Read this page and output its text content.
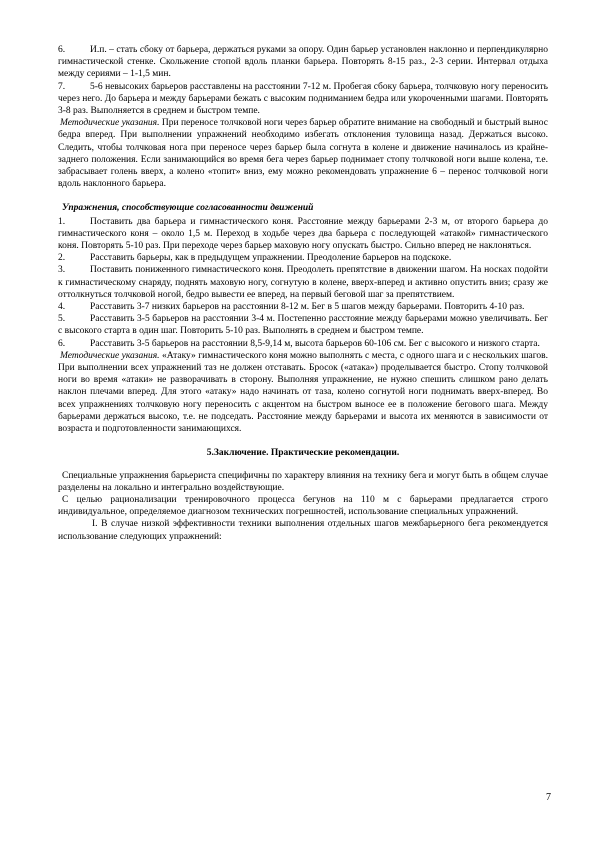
6.	И.п. – стать сбоку от барьера, держаться руками за опору. Один барьер установлен наклонно и перпендикулярно гимнастической стенке. Скольжение стопой вдоль планки барьера. Повторять 8-15 раз., 2-3 серии. Интервал отдыха между сериями – 1-1,5 мин.

7.	5-6 невысоких барьеров расставлены на расстоянии 7-12 м. Пробегая сбоку барьера, толчковую ногу переносить через него. До барьера и между барьерами бежать с высоким подниманием бедра или укороченными шагами. Повторять 3-8 раз. Выполняется в среднем и быстром темпе.

Методические указания. При переносе толчковой ноги через барьер обратите внимание на свободный и быстрый вынос бедра вперед. При выполнении упражнений необходимо избегать отклонения туловища назад. Держаться высоко. Следить, чтобы толчковая нога при переносе через барьер была согнута в колене и движение начиналось из крайне-заднего положения. Если занимающийся во время бега через барьер поднимает стопу толчковой ноги выше колена, т.е. забрасывает голень вверх, а колено «топит» вниз, ему можно рекомендовать упражнение 6 – перенос толчковой ноги вдоль наклонного барьера.

Упражнения, способствующие согласованности движений

1.	Поставить два барьера и гимнастического коня. Расстояние между барьерами 2-3 м, от второго барьера до гимнастического коня – около 1,5 м. Переход в ходьбе через два барьера с последующей «атакой» гимнастического коня. Повторять 5-10 раз. При переходе через барьер маховую ногу опускать быстро. Сильно вперед не наклоняться.

2.	Расставить барьеры, как в предыдущем упражнении. Преодоление барьеров на подскоке.

3.	Поставить пониженного гимнастического коня. Преодолеть препятствие в движении шагом. На носках подойти к гимнастическому снаряду, поднять маховую ногу, согнутую в колене, вверх-вперед и активно опустить вниз; сразу же оттолкнуться толчковой ногой, бедро вывести ее вперед, на первый беговой шаг за препятствием.

4.	Расставить 3-7 низких барьеров на расстоянии 8-12 м. Бег в 5 шагов между барьерами. Повторить 4-10 раз.

5.	Расставить 3-5 барьеров на расстоянии 3-4 м. Постепенно расстояние между барьерами можно увеличивать. Бег с высокого старта в один шаг. Повторить 5-10 раз. Выполнять в среднем и быстром темпе.

6.	Расставить 3-5 барьеров на расстоянии 8,5-9,14 м, высота барьеров 60-106 см. Бег с высокого и низкого старта.

Методические указания. «Атаку» гимнастического коня можно выполнять с места, с одного шага и с нескольких шагов. При выполнении всех упражнений таз не должен отставать. Бросок («атака») проделывается быстро. Стопу толчковой ноги во время «атаки» не разворачивать в сторону. Выполняя упражнение, не нужно спешить слишком рано делать наклон плечами вперед. Для этого «атаку» надо начинать от таза, колено согнутой ноги поднимать вверх-вперед. Во всех упражнениях толчковую ногу переносить с акцентом на быстром выносе ее в положение бегового шага. Между барьерами держаться высоко, т.е. не подседать. Расстояние между барьерами и высота их меняются в зависимости от возраста и подготовленности занимающихся.

5.Заключение. Практические рекомендации.

Специальные упражнения барьериста специфичны по характеру влияния на технику бега и могут быть в общем случае разделены на локально и интегрально воздействующие.

С целью рационализации тренировочного процесса бегунов на 110 м с барьерами предлагается строго индивидуальное, определяемое диагнозом технических погрешностей, использование специальных упражнений.

I. В случае низкой эффективности техники выполнения отдельных шагов межбарьерного бега рекомендуется использование следующих упражнений:

7
